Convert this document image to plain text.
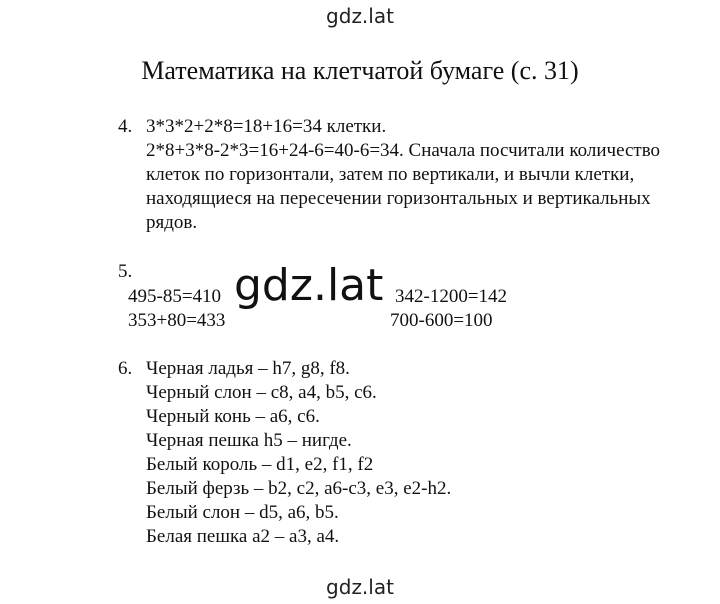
gdz.lat
Математика на клетчатой бумаге (с. 31)
4. 3*3*2+2*8=18+16=34 клетки.
2*8+3*8-2*3=16+24-6=40-6=34. Сначала посчитали количество
клеток по горизонтали, затем по вертикали, и вычли клетки,
находящиеся на пересечении горизонтальных и вертикальных
рядов.
5.
495-85=410
353+80=433
342-1200=142
700-600=100
gdz.lat
6. Черная ладья – h7, g8, f8.
Черный слон – c8, a4, b5, c6.
Черный конь – a6, c6.
Черная пешка h5 – нигде.
Белый король – d1, e2, f1, f2
Белый ферзь – b2, c2, a6-c3, e3, e2-h2.
Белый слон – d5, a6, b5.
Белая пешка a2 – a3, a4.
gdz.lat
